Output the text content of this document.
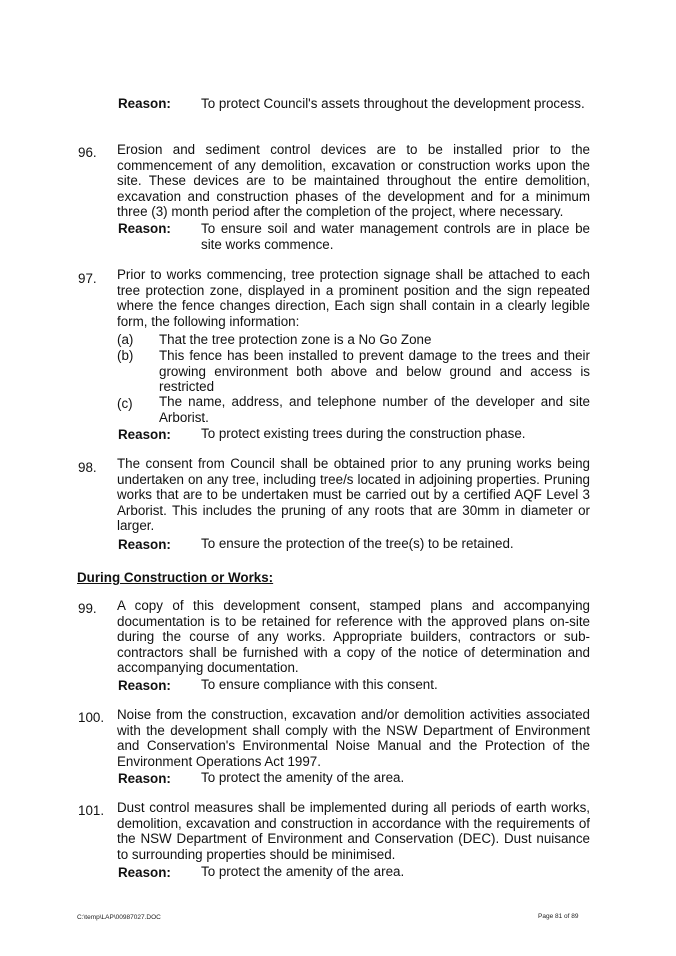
Reason: To protect Council's assets throughout the development process.
96. Erosion and sediment control devices are to be installed prior to the commencement of any demolition, excavation or construction works upon the site. These devices are to be maintained throughout the entire demolition, excavation and construction phases of the development and for a minimum three (3) month period after the completion of the project, where necessary.
Reason: To ensure soil and water management controls are in place be site works commence.
97. Prior to works commencing, tree protection signage shall be attached to each tree protection zone, displayed in a prominent position and the sign repeated where the fence changes direction, Each sign shall contain in a clearly legible form, the following information:
(a) That the tree protection zone is a No Go Zone
(b) This fence has been installed to prevent damage to the trees and their growing environment both above and below ground and access is restricted
(c) The name, address, and telephone number of the developer and site Arborist.
Reason: To protect existing trees during the construction phase.
98. The consent from Council shall be obtained prior to any pruning works being undertaken on any tree, including tree/s located in adjoining properties. Pruning works that are to be undertaken must be carried out by a certified AQF Level 3 Arborist. This includes the pruning of any roots that are 30mm in diameter or larger.
Reason: To ensure the protection of the tree(s) to be retained.
During Construction or Works:
99. A copy of this development consent, stamped plans and accompanying documentation is to be retained for reference with the approved plans on-site during the course of any works. Appropriate builders, contractors or sub-contractors shall be furnished with a copy of the notice of determination and accompanying documentation.
Reason: To ensure compliance with this consent.
100. Noise from the construction, excavation and/or demolition activities associated with the development shall comply with the NSW Department of Environment and Conservation's Environmental Noise Manual and the Protection of the Environment Operations Act 1997.
Reason: To protect the amenity of the area.
101. Dust control measures shall be implemented during all periods of earth works, demolition, excavation and construction in accordance with the requirements of the NSW Department of Environment and Conservation (DEC). Dust nuisance to surrounding properties should be minimised.
Reason: To protect the amenity of the area.
C:\temp\LAP\00987027.DOC	Page 81 of 89
